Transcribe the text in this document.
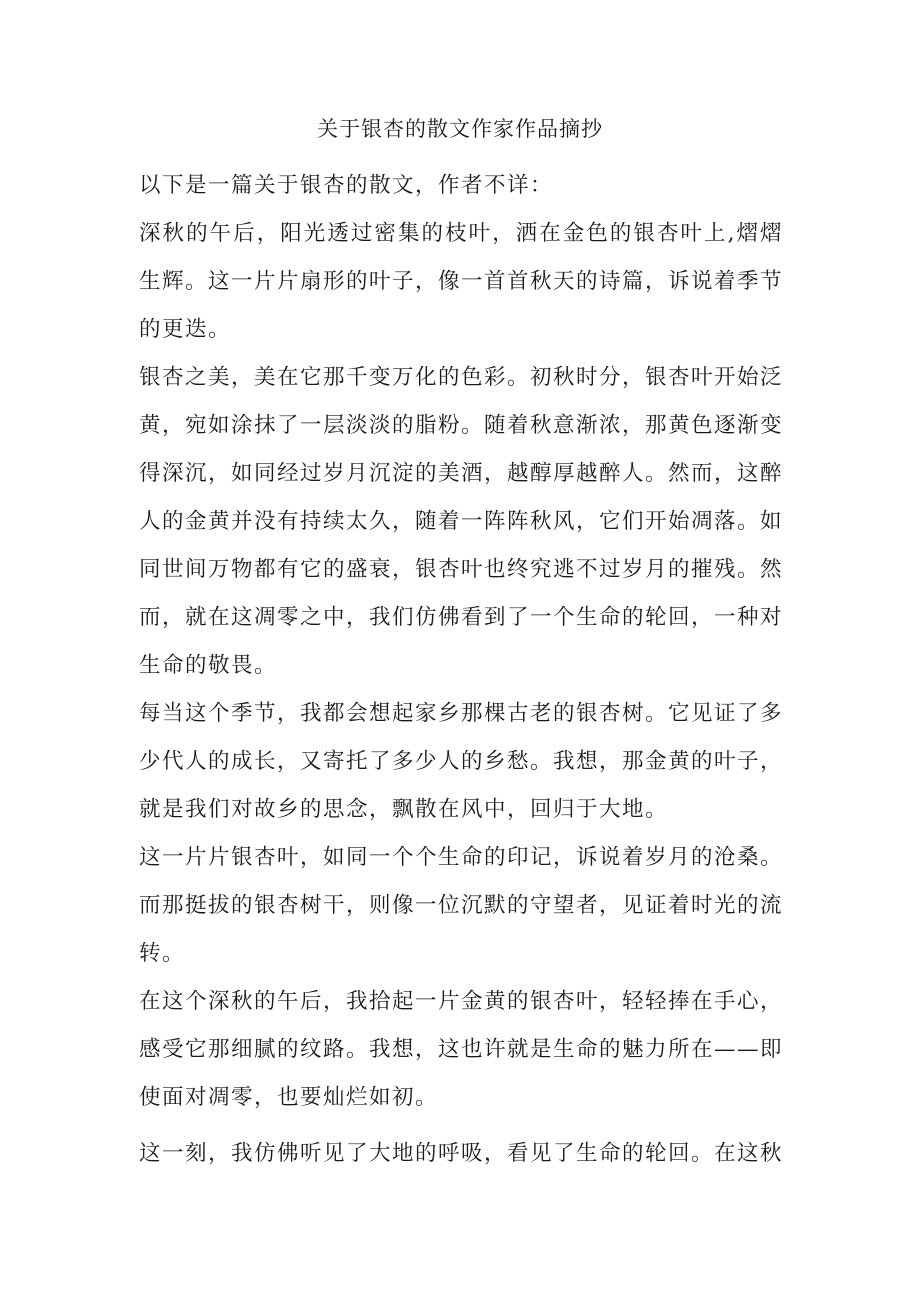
关于银杏的散文作家作品摘抄

以下是一篇关于银杏的散文，作者不详：

深秋的午后，阳光透过密集的枝叶，洒在金色的银杏叶上,熠熠生辉。这一片片扇形的叶子，像一首首秋天的诗篇，诉说着季节的更迭。

银杏之美，美在它那千变万化的色彩。初秋时分，银杏叶开始泛黄，宛如涂抹了一层淡淡的脂粉。随着秋意渐浓，那黄色逐渐变得深沉，如同经过岁月沉淀的美酒，越醇厚越醉人。然而，这醉人的金黄并没有持续太久，随着一阵阵秋风，它们开始凋落。如同世间万物都有它的盛衰，银杏叶也终究逃不过岁月的摧残。然而，就在这凋零之中，我们仿佛看到了一个生命的轮回，一种对生命的敬畏。

每当这个季节，我都会想起家乡那棵古老的银杏树。它见证了多少代人的成长，又寄托了多少人的乡愁。我想，那金黄的叶子，就是我们对故乡的思念，飘散在风中，回归于大地。

这一片片银杏叶，如同一个个生命的印记，诉说着岁月的沧桑。而那挺拔的银杏树干，则像一位沉默的守望者，见证着时光的流转。

在这个深秋的午后，我拾起一片金黄的银杏叶，轻轻捧在手心，感受它那细腻的纹路。我想，这也许就是生命的魅力所在——即使面对凋零，也要灿烂如初。

这一刻，我仿佛听见了大地的呼吸，看见了生命的轮回。在这秋
